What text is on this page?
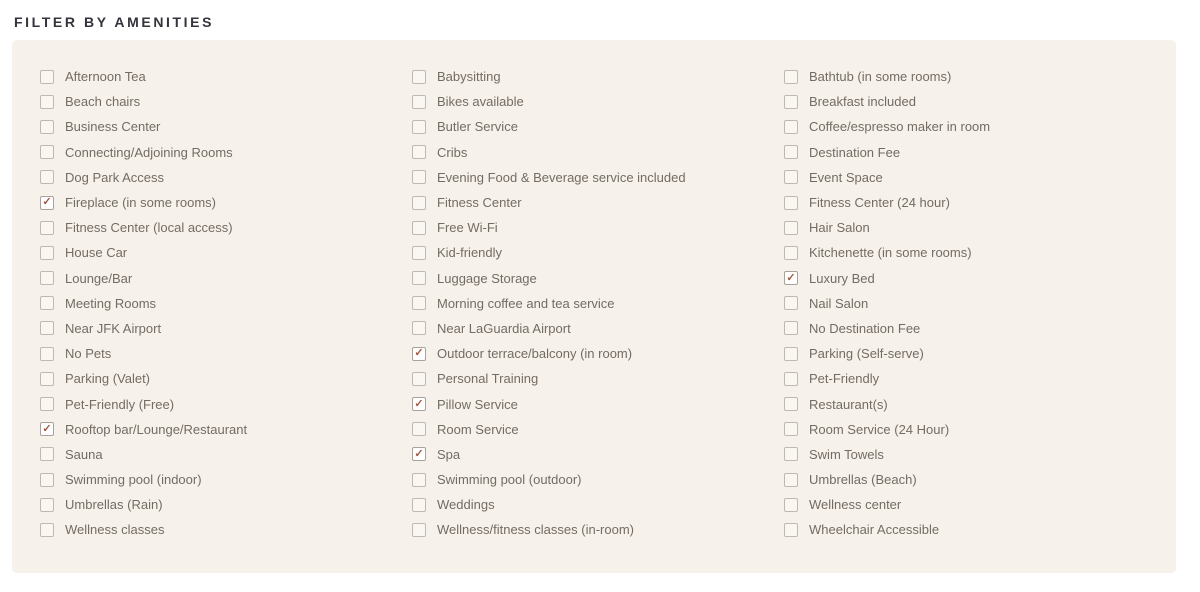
FILTER BY AMENITIES
Afternoon Tea
Beach chairs
Business Center
Connecting/Adjoining Rooms
Dog Park Access
✓ Fireplace (in some rooms)
Fitness Center (local access)
House Car
Lounge/Bar
Meeting Rooms
Near JFK Airport
No Pets
Parking (Valet)
Pet-Friendly (Free)
✓ Rooftop bar/Lounge/Restaurant
Sauna
Swimming pool (indoor)
Umbrellas (Rain)
Wellness classes
Babysitting
Bikes available
Butler Service
Cribs
Evening Food & Beverage service included
Fitness Center
Free Wi-Fi
Kid-friendly
Luggage Storage
Morning coffee and tea service
Near LaGuardia Airport
✓ Outdoor terrace/balcony (in room)
Personal Training
✓ Pillow Service
Room Service
✓ Spa
Swimming pool (outdoor)
Weddings
Wellness/fitness classes (in-room)
Bathtub (in some rooms)
Breakfast included
Coffee/espresso maker in room
Destination Fee
Event Space
Fitness Center (24 hour)
Hair Salon
Kitchenette (in some rooms)
✓ Luxury Bed
Nail Salon
No Destination Fee
Parking (Self-serve)
Pet-Friendly
Restaurant(s)
Room Service (24 Hour)
Swim Towels
Umbrellas (Beach)
Wellness center
Wheelchair Accessible
